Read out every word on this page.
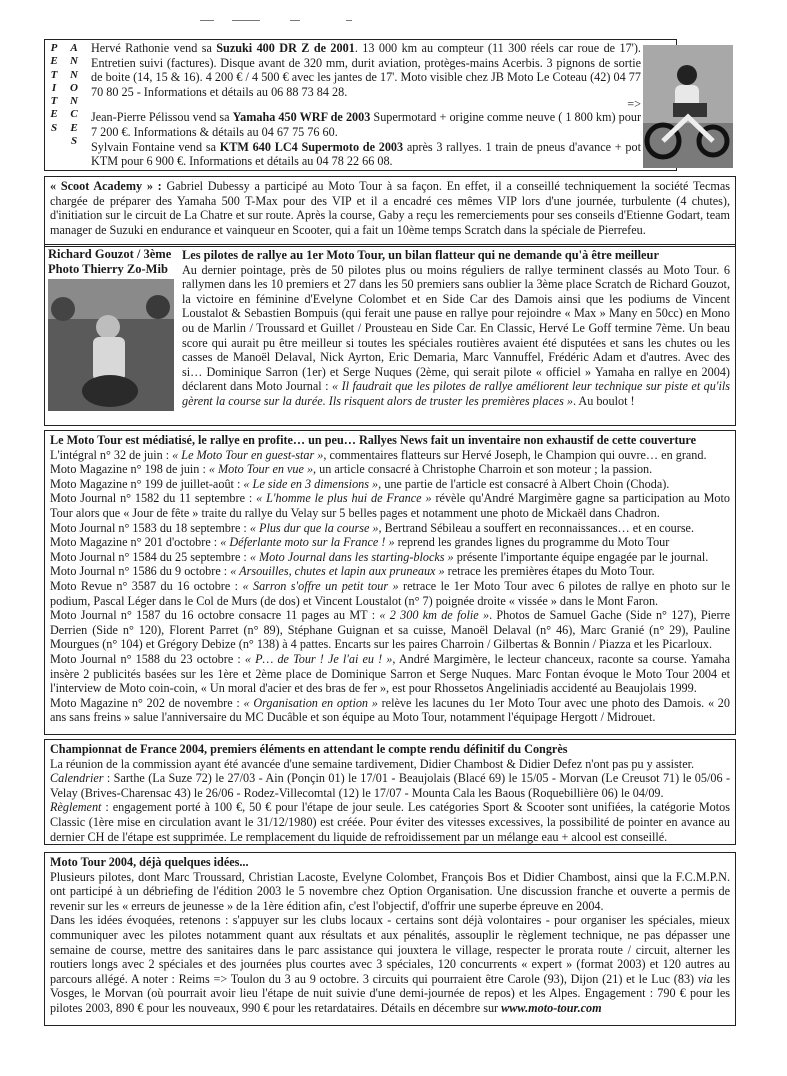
P
E
T
I
T
E
S
A
N
N
O
N
C
E
S

Hervé Rathonie vend sa Suzuki 400 DR Z de 2001. 13 000 km au compteur (11 300 réels car roue de 17'). Entretien suivi (factures). Disque avant de 320 mm, durit aviation, protèges-mains Acerbis. 3 pignons de sortie de boite (14, 15 & 16). 4 200 € / 4 500 € avec les jantes de 17'. Moto visible chez JB Moto Le Coteau (42) 04 77 70 80 25 - Informations et détails au 06 88 73 84 28.

=>

Jean-Pierre Pélissou vend sa Yamaha 450 WRF de 2003 Supermotard + origine comme neuve ( 1 800 km) pour 7 200 €. Informations & détails au 04 67 75 76 60.

Sylvain Fontaine vend sa KTM 640 LC4 Supermoto de 2003 après 3 rallyes. 1 train de pneus d'avance + pot KTM pour 6 900 €. Informations et détails au 04 78 22 66 08.

« Scoot Academy » : Gabriel Dubessy a participé au Moto Tour à sa façon. En effet, il a conseillé techniquement la société Tecmas chargée de préparer des Yamaha 500 T-Max pour des VIP et il a encadré ces mêmes VIP lors d'une journée, turbulente (4 chutes), d'initiation sur le circuit de La Chatre et sur route. Après la course, Gaby a reçu les remerciements pour ses conseils d'Etienne Godart, team manager de Suzuki en endurance et vainqueur en Scooter, qui a fait un 10ème temps Scratch dans la spéciale de Pierrefeu.

Richard Gouzot / 3ème Photo Thierry Zo-Mib

Les pilotes de rallye au 1er Moto Tour, un bilan flatteur qui ne demande qu'à être meilleur

Au dernier pointage, près de 50 pilotes plus ou moins réguliers de rallye terminent classés au Moto Tour. 6 rallymen dans les 10 premiers et 27 dans les 50 premiers sans oublier la 3ème place Scratch de Richard Gouzot, la victoire en féminine d'Evelyne Colombet et en Side Car des Damois ainsi que les podiums de Vincent Loustalot & Sebastien Bompuis (qui ferait une pause en rallye pour rejoindre « Max » Many en 50cc) en Mono ou de Marlin / Troussard et Guillet / Prousteau en Side Car. En Classic, Hervé Le Goff termine 7ème. Un beau score qui aurait pu être meilleur si toutes les spéciales routières avaient été disputées et sans les chutes ou les casses de Manoël Delaval, Nick Ayrton, Eric Demaria, Marc Vannuffel, Frédéric Adam et d'autres. Avec des si… Dominique Sarron (1er) et Serge Nuques (2ème, qui serait pilote « officiel » Yamaha en rallye en 2004) déclarent dans Moto Journal : « Il faudrait que les pilotes de rallye améliorent leur technique sur piste et qu'ils gèrent la course sur la durée. Ils risquent alors de truster les premières places ». Au boulot !

Le Moto Tour est médiatisé, le rallye en profite… un peu… Rallyes News fait un inventaire non exhaustif de cette couverture

L'intégral n° 32 de juin : « Le Moto Tour en guest-star », commentaires flatteurs sur Hervé Joseph, le Champion qui ouvre… en grand.

Moto Magazine n° 198 de juin : « Moto Tour en vue », un article consacré à Christophe Charroin et son moteur ; la passion.

Moto Magazine n° 199 de juillet-août : « Le side en 3 dimensions », une partie de l'article est consacré à Albert Choin (Choda).

Moto Journal n° 1582 du 11 septembre : « L'homme le plus hui de France » révèle qu'André Margimère gagne sa participation au Moto Tour alors que « Jour de fête » traite du rallye du Velay sur 5 belles pages et notamment une photo de Mickaël dans Chadron.

Moto Journal n° 1583 du 18 septembre : « Plus dur que la course », Bertrand Sébileau a souffert en reconnaissances… et en course.

Moto Magazine n° 201 d'octobre : « Déferlante moto sur la France ! » reprend les grandes lignes du programme du Moto Tour

Moto Journal n° 1584 du 25 septembre : « Moto Journal dans les starting-blocks » présente l'importante équipe engagée par le journal.

Moto Journal n° 1586 du 9 octobre : « Arsouilles, chutes et lapin aux pruneaux » retrace les premières étapes du Moto Tour.

Moto Revue n° 3587 du 16 octobre : « Sarron s'offre un petit tour » retrace le 1er Moto Tour avec 6 pilotes de rallye en photo sur le podium, Pascal Léger dans le Col de Murs (de dos) et Vincent Loustalot (n° 7) poignée droite « vissée » dans le Mont Faron.

Moto Journal n° 1587 du 16 octobre consacre 11 pages au MT : « 2 300 km de folie ». Photos de Samuel Gache (Side n° 127), Pierre Derrien (Side n° 120), Florent Parret (n° 89), Stéphane Guignan et sa cuisse, Manoël Delaval (n° 46), Marc Granié (n° 29), Pauline Mourgues (n° 104) et Grégory Debize (n° 138) à 4 pattes. Encarts sur les paires Charroin / Gilbertas & Bonnin / Piazza et les Picarloux.

Moto Journal n° 1588 du 23 octobre : « P… de Tour ! Je l'ai eu ! », André Margimère, le lecteur chanceux, raconte sa course. Yamaha insère 2 publicités basées sur les 1ère et 2ème place de Dominique Sarron et Serge Nuques. Marc Fontan évoque le Moto Tour 2004 et l'interview de Moto coin-coin, « Un moral d'acier et des bras de fer », est pour Rhossetos Angeliniadis accidenté au Beaujolais 1999.

Moto Magazine n° 202 de novembre : « Organisation en option » relève les lacunes du 1er Moto Tour avec une photo des Damois. « 20 ans sans freins » salue l'anniversaire du MC Ducâble et son équipe au Moto Tour, notamment l'équipage Hergott / Midrouet.

Championnat de France 2004, premiers éléments en attendant le compte rendu définitif du Congrès

La réunion de la commission ayant été avancée d'une semaine tardivement, Didier Chambost & Didier Defez n'ont pas pu y assister.

Calendrier : Sarthe (La Suze 72) le 27/03 - Ain (Ponçin 01) le 17/01 - Beaujolais (Blacé 69) le 15/05 - Morvan (Le Creusot 71) le 05/06 - Velay (Brives-Charensac 43) le 26/06 - Rodez-Villecomtal (12) le 17/07 - Mounta Cala les Baous (Roquebillière 06) le 04/09.

Règlement : engagement porté à 100 €, 50 € pour l'étape de jour seule. Les catégories Sport & Scooter sont unifiées, la catégorie Motos Classic (1ère mise en circulation avant le 31/12/1980) est créée. Pour éviter des vitesses excessives, la possibilité de pointer en avance au dernier CH de l'étape est supprimée. Le remplacement du liquide de refroidissement par un mélange eau + alcool est conseillé.

Moto Tour 2004, déjà quelques idées...

Plusieurs pilotes, dont Marc Troussard, Christian Lacoste, Evelyne Colombet, François Bos et Didier Chambost, ainsi que la F.C.M.P.N. ont participé à un débriefing de l'édition 2003 le 5 novembre chez Option Organisation. Une discussion franche et ouverte a permis de revenir sur les « erreurs de jeunesse » de la 1ère édition afin, c'est l'objectif, d'offrir une superbe épreuve en 2004.

Dans les idées évoquées, retenons : s'appuyer sur les clubs locaux - certains sont déjà volontaires - pour organiser les spéciales, mieux communiquer avec les pilotes notamment quant aux résultats et aux pénalités, assouplir le règlement technique, ne pas dépasser une semaine de course, mettre des sanitaires dans le parc assistance qui jouxtera le village, respecter le prorata route / circuit, alterner les routiers longs avec 2 spéciales et des journées plus courtes avec 3 spéciales, 120 concurrents « expert » (format 2003) et 120 autres au parcours allégé. A noter : Reims => Toulon du 3 au 9 octobre. 3 circuits qui pourraient être Carole (93), Dijon (21) et le Luc (83) via les Vosges, le Morvan (où pourrait avoir lieu l'étape de nuit suivie d'une demi-journée de repos) et les Alpes. Engagement : 790 € pour les pilotes 2003, 890 € pour les nouveaux, 990 € pour les retardataires. Détails en décembre sur www.moto-tour.com
